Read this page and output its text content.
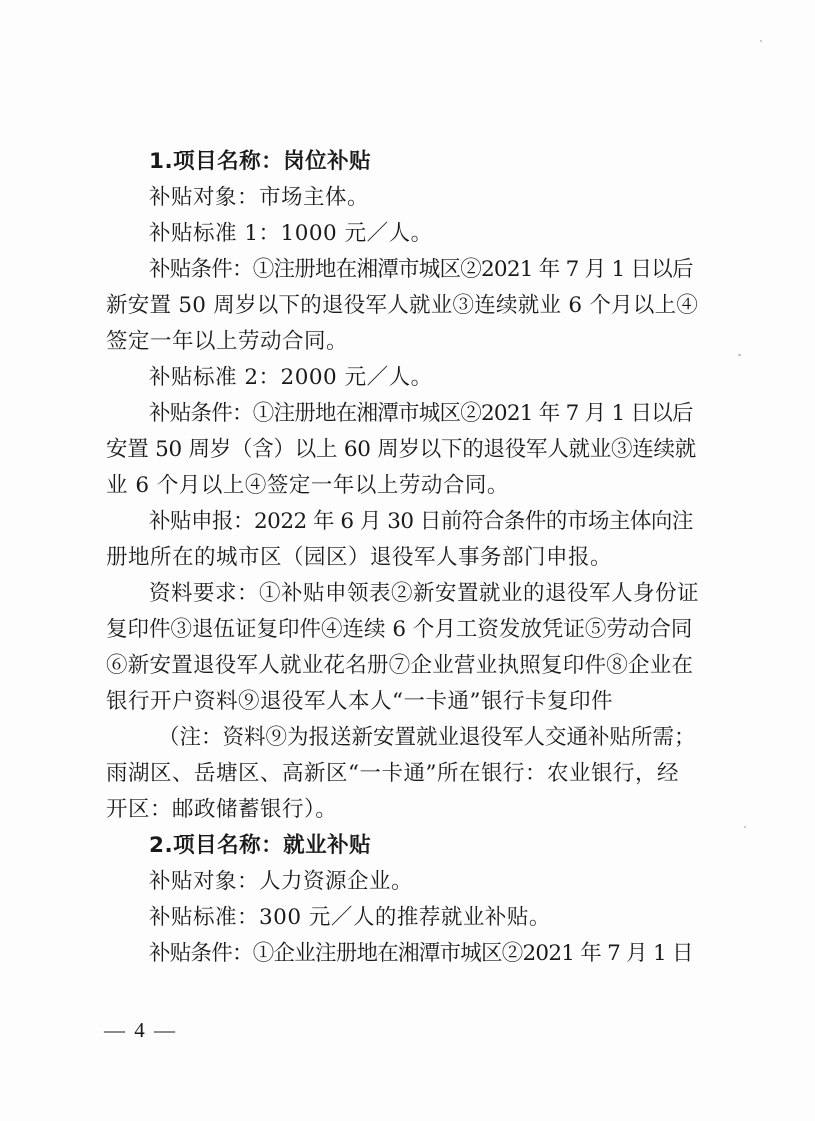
1.项目名称：岗位补贴
补贴对象：市场主体。
补贴标准 1：1000 元／人。
补贴条件：①注册地在湘潭市城区②2021 年 7 月 1 日以后
新安置 50 周岁以下的退役军人就业③连续就业 6 个月以上④
签定一年以上劳动合同。
补贴标准 2：2000 元／人。
补贴条件：①注册地在湘潭市城区②2021 年 7 月 1 日以后
安置 50 周岁（含）以上 60 周岁以下的退役军人就业③连续就
业 6 个月以上④签定一年以上劳动合同。
补贴申报：2022 年 6 月 30 日前符合条件的市场主体向注
册地所在的城市区（园区）退役军人事务部门申报。
资料要求：①补贴申领表②新安置就业的退役军人身份证
复印件③退伍证复印件④连续 6 个月工资发放凭证⑤劳动合同
⑥新安置退役军人就业花名册⑦企业营业执照复印件⑧企业在
银行开户资料⑨退役军人本人“一卡通”银行卡复印件
（注：资料⑨为报送新安置就业退役军人交通补贴所需；
雨湖区、岳塘区、高新区“一卡通”所在银行：农业银行，经
开区：邮政储蓄银行）。
2.项目名称：就业补贴
补贴对象：人力资源企业。
补贴标准：300 元／人的推荐就业补贴。
补贴条件：①企业注册地在湘潭市城区②2021 年 7 月 1 日
— 4 —
